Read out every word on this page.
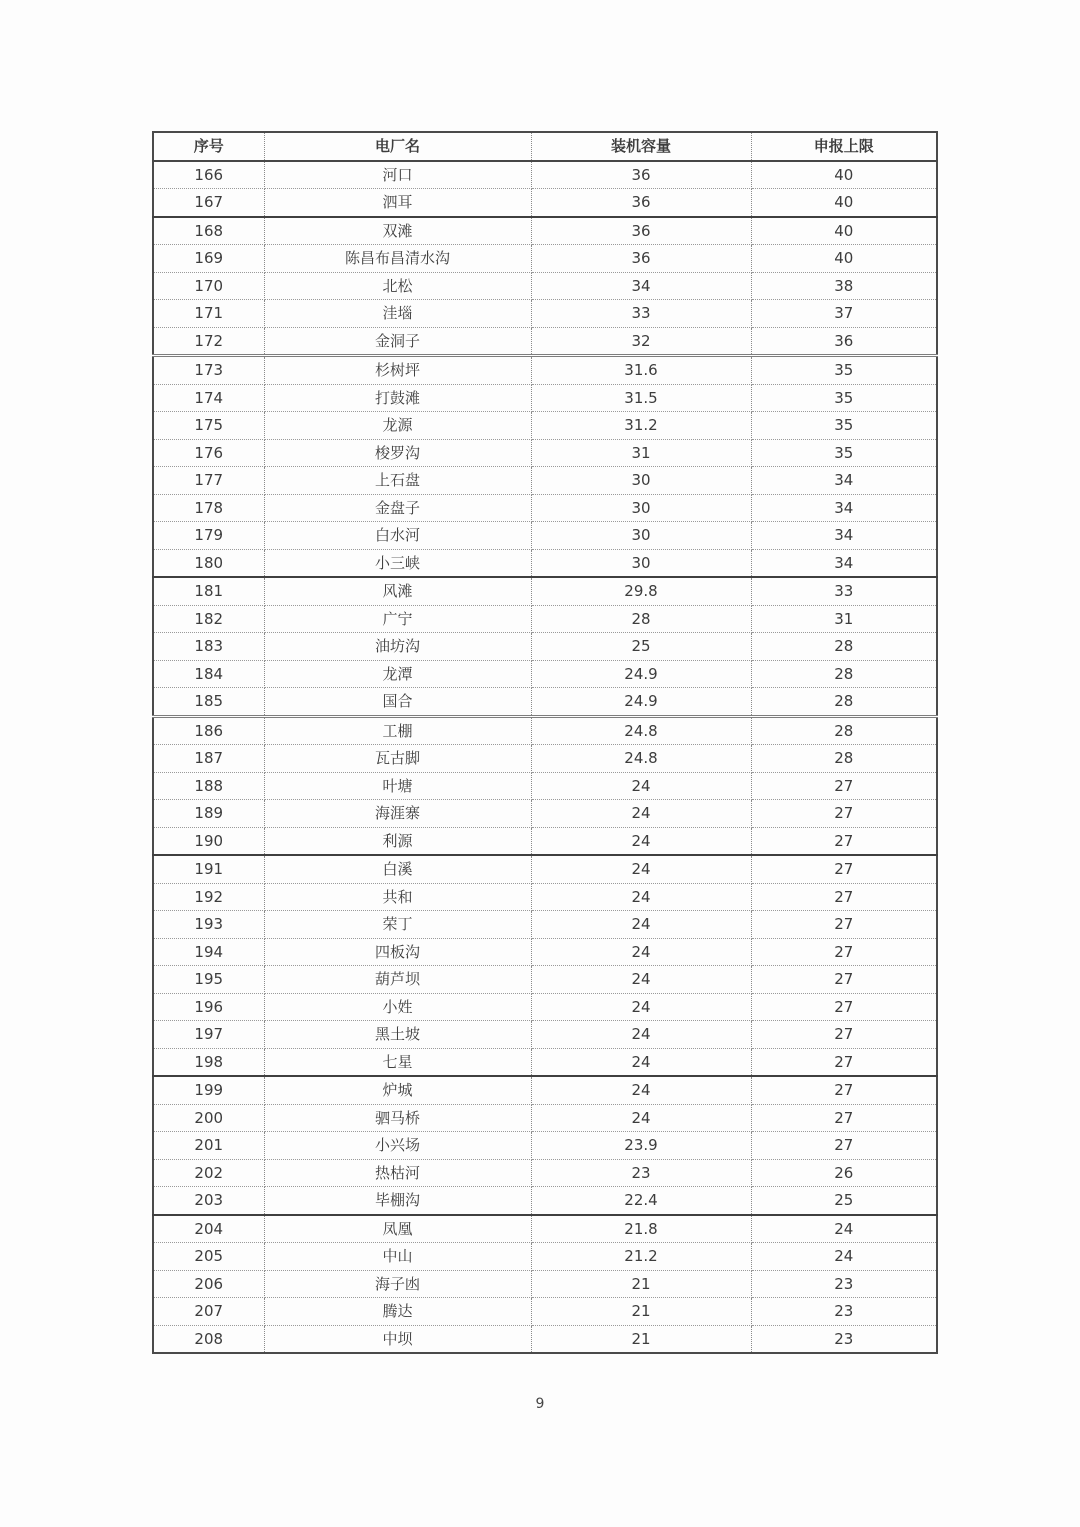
序号	电厂名	装机容量	申报上限
166	河口	36	40
167	泗耳	36	40
168	双滩	36	40
169	陈昌布昌清水沟	36	40
170	北松	34	38
171	洼堖	33	37
172	金洞子	32	36
173	杉树坪	31.6	35
174	打鼓滩	31.5	35
175	龙源	31.2	35
176	梭罗沟	31	35
177	上石盘	30	34
178	金盘子	30	34
179	白水河	30	34
180	小三峡	30	34
181	风滩	29.8	33
182	广宁	28	31
183	油坊沟	25	28
184	龙潭	24.9	28
185	国合	24.9	28
186	工棚	24.8	28
187	瓦古脚	24.8	28
188	叶塘	24	27
189	海涯寨	24	27
190	利源	24	27
191	白溪	24	27
192	共和	24	27
193	荣丁	24	27
194	四板沟	24	27
195	葫芦坝	24	27
196	小姓	24	27
197	黑土坡	24	27
198	七星	24	27
199	炉城	24	27
200	驷马桥	24	27
201	小兴场	23.9	27
202	热枯河	23	26
203	毕棚沟	22.4	25
204	凤凰	21.8	24
205	中山	21.2	24
206	海子凼	21	23
207	腾达	21	23
208	中坝	21	23
9
